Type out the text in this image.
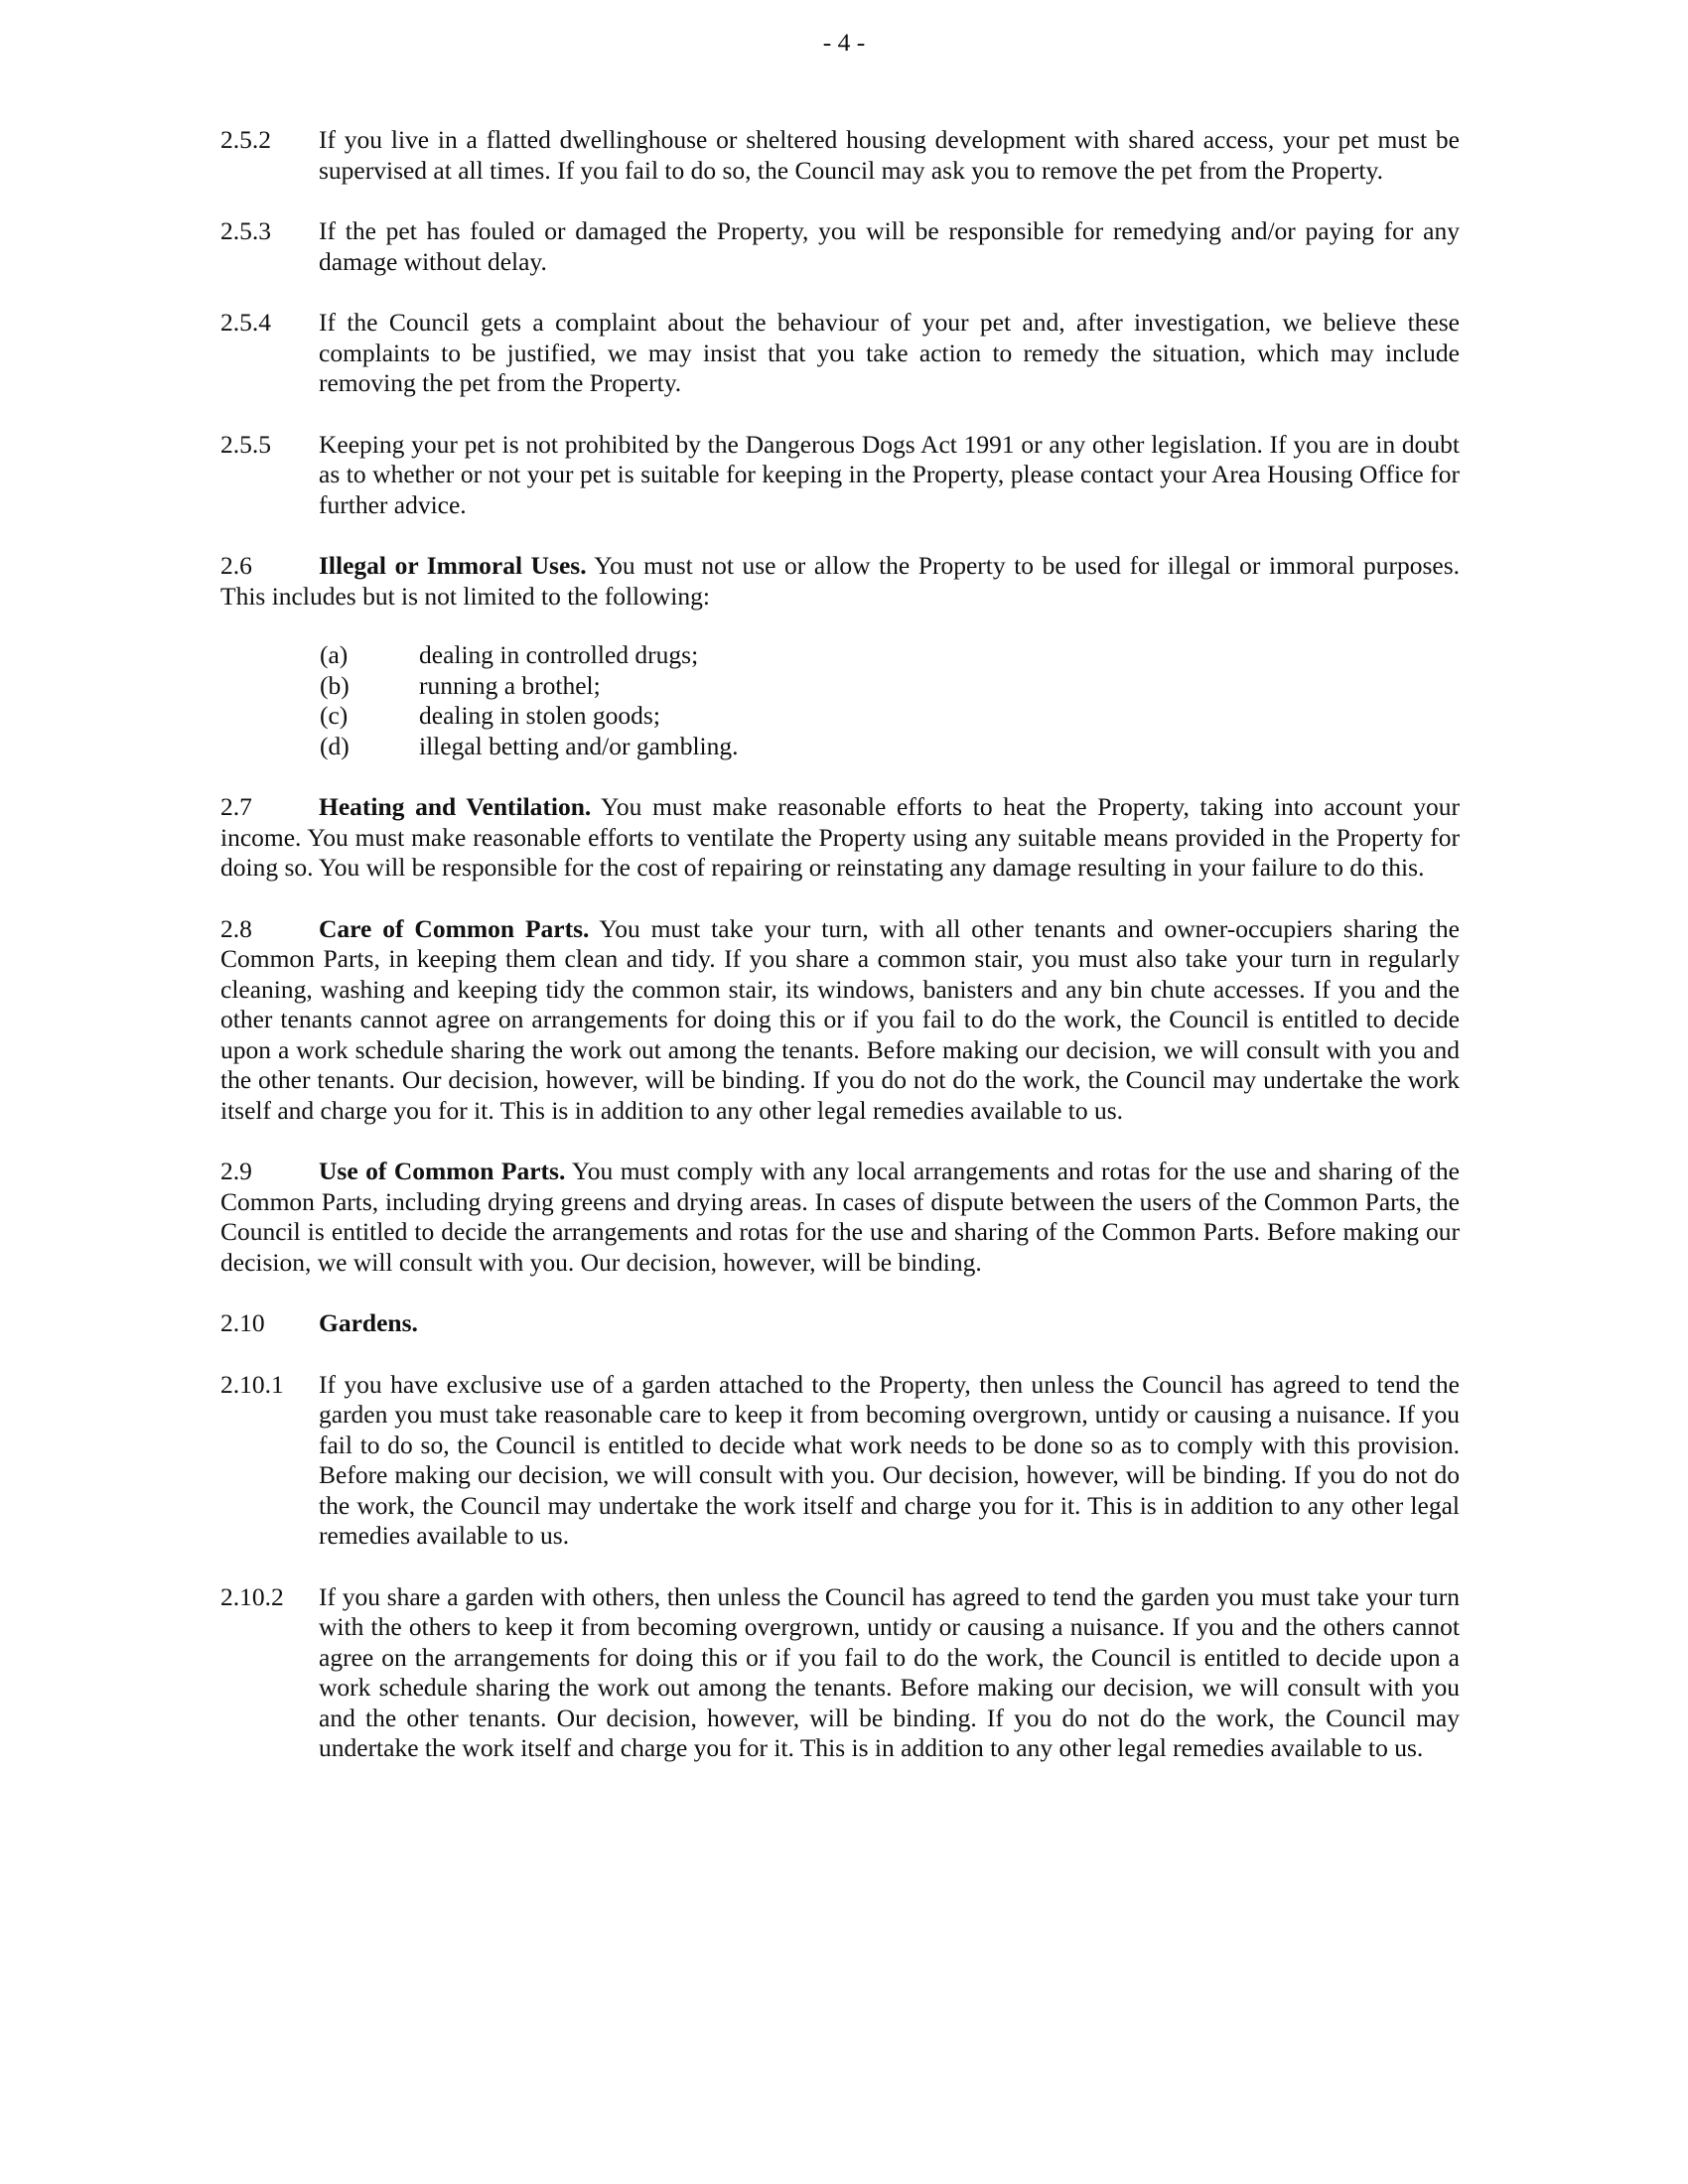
- 4 -
2.5.2	If you live in a flatted dwellinghouse or sheltered housing development with shared access, your pet must be supervised at all times. If you fail to do so, the Council may ask you to remove the pet from the Property.
2.5.3	If the pet has fouled or damaged the Property, you will be responsible for remedying and/or paying for any damage without delay.
2.5.4	If the Council gets a complaint about the behaviour of your pet and, after investigation, we believe these complaints to be justified, we may insist that you take action to remedy the situation, which may include removing the pet from the Property.
2.5.5	Keeping your pet is not prohibited by the Dangerous Dogs Act 1991 or any other legislation. If you are in doubt as to whether or not your pet is suitable for keeping in the Property, please contact your Area Housing Office for further advice.
2.6	Illegal or Immoral Uses. You must not use or allow the Property to be used for illegal or immoral purposes. This includes but is not limited to the following:
(a)	dealing in controlled drugs;
(b)	running a brothel;
(c)	dealing in stolen goods;
(d)	illegal betting and/or gambling.
2.7	Heating and Ventilation. You must make reasonable efforts to heat the Property, taking into account your income. You must make reasonable efforts to ventilate the Property using any suitable means provided in the Property for doing so. You will be responsible for the cost of repairing or reinstating any damage resulting in your failure to do this.
2.8	Care of Common Parts. You must take your turn, with all other tenants and owner-occupiers sharing the Common Parts, in keeping them clean and tidy. If you share a common stair, you must also take your turn in regularly cleaning, washing and keeping tidy the common stair, its windows, banisters and any bin chute accesses. If you and the other tenants cannot agree on arrangements for doing this or if you fail to do the work, the Council is entitled to decide upon a work schedule sharing the work out among the tenants. Before making our decision, we will consult with you and the other tenants. Our decision, however, will be binding. If you do not do the work, the Council may undertake the work itself and charge you for it. This is in addition to any other legal remedies available to us.
2.9	Use of Common Parts. You must comply with any local arrangements and rotas for the use and sharing of the Common Parts, including drying greens and drying areas. In cases of dispute between the users of the Common Parts, the Council is entitled to decide the arrangements and rotas for the use and sharing of the Common Parts. Before making our decision, we will consult with you. Our decision, however, will be binding.
2.10 Gardens.
2.10.1	If you have exclusive use of a garden attached to the Property, then unless the Council has agreed to tend the garden you must take reasonable care to keep it from becoming overgrown, untidy or causing a nuisance. If you fail to do so, the Council is entitled to decide what work needs to be done so as to comply with this provision. Before making our decision, we will consult with you. Our decision, however, will be binding. If you do not do the work, the Council may undertake the work itself and charge you for it. This is in addition to any other legal remedies available to us.
2.10.2	If you share a garden with others, then unless the Council has agreed to tend the garden you must take your turn with the others to keep it from becoming overgrown, untidy or causing a nuisance. If you and the others cannot agree on the arrangements for doing this or if you fail to do the work, the Council is entitled to decide upon a work schedule sharing the work out among the tenants. Before making our decision, we will consult with you and the other tenants. Our decision, however, will be binding. If you do not do the work, the Council may undertake the work itself and charge you for it. This is in addition to any other legal remedies available to us.
